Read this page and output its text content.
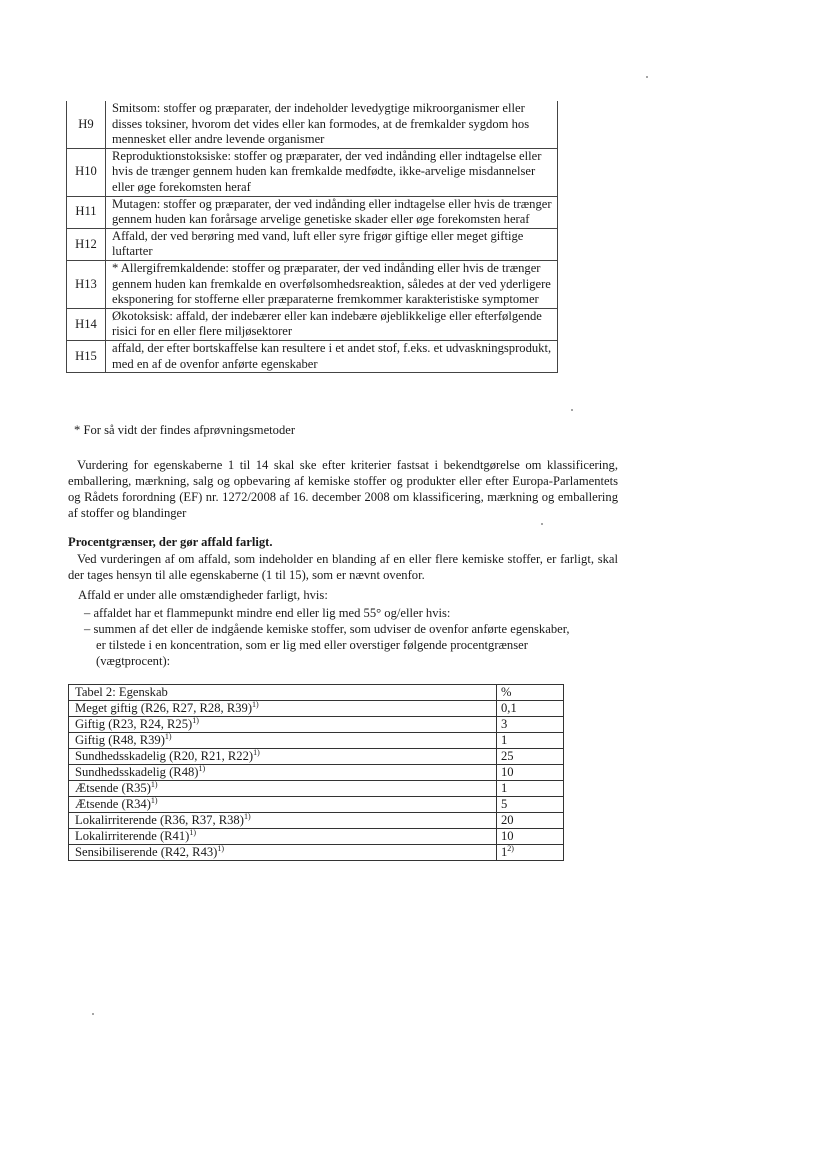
H9	Smitsom: stoffer og præparater, der indeholder levedygtige mikroorganismer eller disses toksiner, hvorom det vides eller kan formodes, at de fremkalder sygdom hos mennesket eller andre levende organismer
H10	Reproduktionstoksiske: stoffer og præparater, der ved indånding eller indtagelse eller hvis de trænger gennem huden kan fremkalde medfødte, ikke-arvelige misdannelser eller øge forekomsten heraf
H11	Mutagen: stoffer og præparater, der ved indånding eller indtagelse eller hvis de trænger gennem huden kan forårsage arvelige genetiske skader eller øge forekomsten heraf
H12	Affald, der ved berøring med vand, luft eller syre frigør giftige eller meget giftige luftarter
H13	* Allergifremkaldende: stoffer og præparater, der ved indånding eller hvis de trænger gennem huden kan fremkalde en overfølsomhedsreaktion, således at der ved yderligere eksponering for stofferne eller præparaterne fremkommer karakteristiske symptomer
H14	Økotoksisk: affald, der indebærer eller kan indebære øjeblikkelige eller efterfølgende risici for en eller flere miljøsektorer
H15	affald, der efter bortskaffelse kan resultere i et andet stof, f.eks. et udvaskningsprodukt, med en af de ovenfor anførte egenskaber
* For så vidt der findes afprøvningsmetoder

Vurdering for egenskaberne 1 til 14 skal ske efter kriterier fastsat i bekendtgørelse om klassificering, emballering, mærkning, salg og opbevaring af kemiske stoffer og produkter eller efter Europa-Parlamentets og Rådets forordning (EF) nr. 1272/2008 af 16. december 2008 om klassificering, mærkning og emballering af stoffer og blandinger

Procentgrænser, der gør affald farligt.

Ved vurderingen af om affald, som indeholder en blanding af en eller flere kemiske stoffer, er farligt, skal der tages hensyn til alle egenskaberne (1 til 15), som er nævnt ovenfor.

Affald er under alle omstændigheder farligt, hvis:

– affaldet har et flammepunkt mindre end eller lig med 55° og/eller hvis:

– summen af det eller de indgående kemiske stoffer, som udviser de ovenfor anførte egenskaber,

er tilstede i en koncentration, som er lig med eller overstiger følgende procentgrænser

(vægtprocent):

Tabel 2: Egenskab	%
Meget giftig (R26, R27, R28, R39)$^{1)}$	0,1
Giftig (R23, R24, R25)$^{1)}$	3
Giftig (R48, R39)$^{1)}$	1
Sundhedsskadelig (R20, R21, R22)$^{1)}$	25
Sundhedsskadelig $(R48)^{1)}$	10
Ætsende $(R35)^{1)}$	1
Ætsende $(R34)^{1)}$	5
Lokalirriterende (R36, R37, R38)$^{1)}$	20
Lokalirriterende $(R41)^{1)}$	10
Sensibiliserende (R42, R43)$^{1)}$	1$^{2)}$
